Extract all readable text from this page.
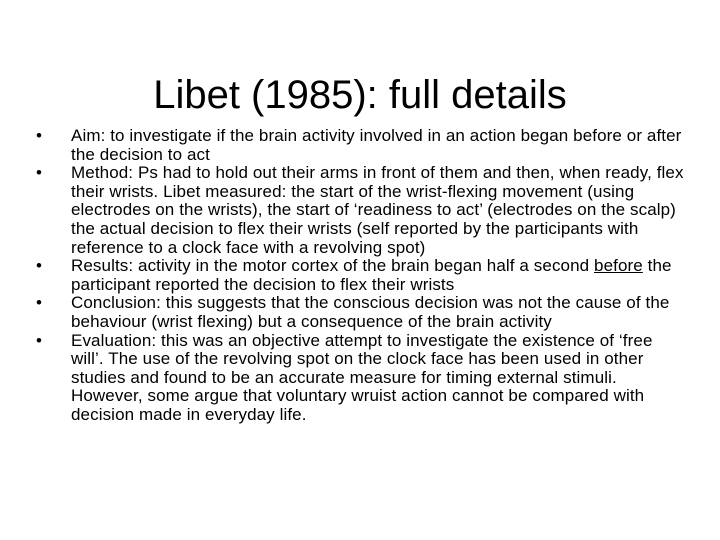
Libet (1985): full details
•	Aim: to investigate if the brain activity involved in an action began before or after the decision to act
•	Method: Ps had to hold out their arms in front of them and then, when ready, flex their wrists. Libet measured: the start of the wrist-flexing movement (using electrodes on the wrists), the start of ‘readiness to act’ (electrodes on the scalp) the actual decision to flex their wrists (self reported by the participants with reference to a clock face with a revolving spot)
•	Results: activity in the motor cortex of the brain began half a second before the participant reported the decision to flex their wrists
•	Conclusion: this suggests that the conscious decision was not the cause of the behaviour (wrist flexing) but a consequence of the brain activity
•	Evaluation: this was an objective attempt to investigate the existence of ‘free will’. The use of the revolving spot on the clock face has been used in other studies and found to be an accurate measure for timing external stimuli. However, some argue that voluntary wruist action cannot be compared with decision made in everyday life.
